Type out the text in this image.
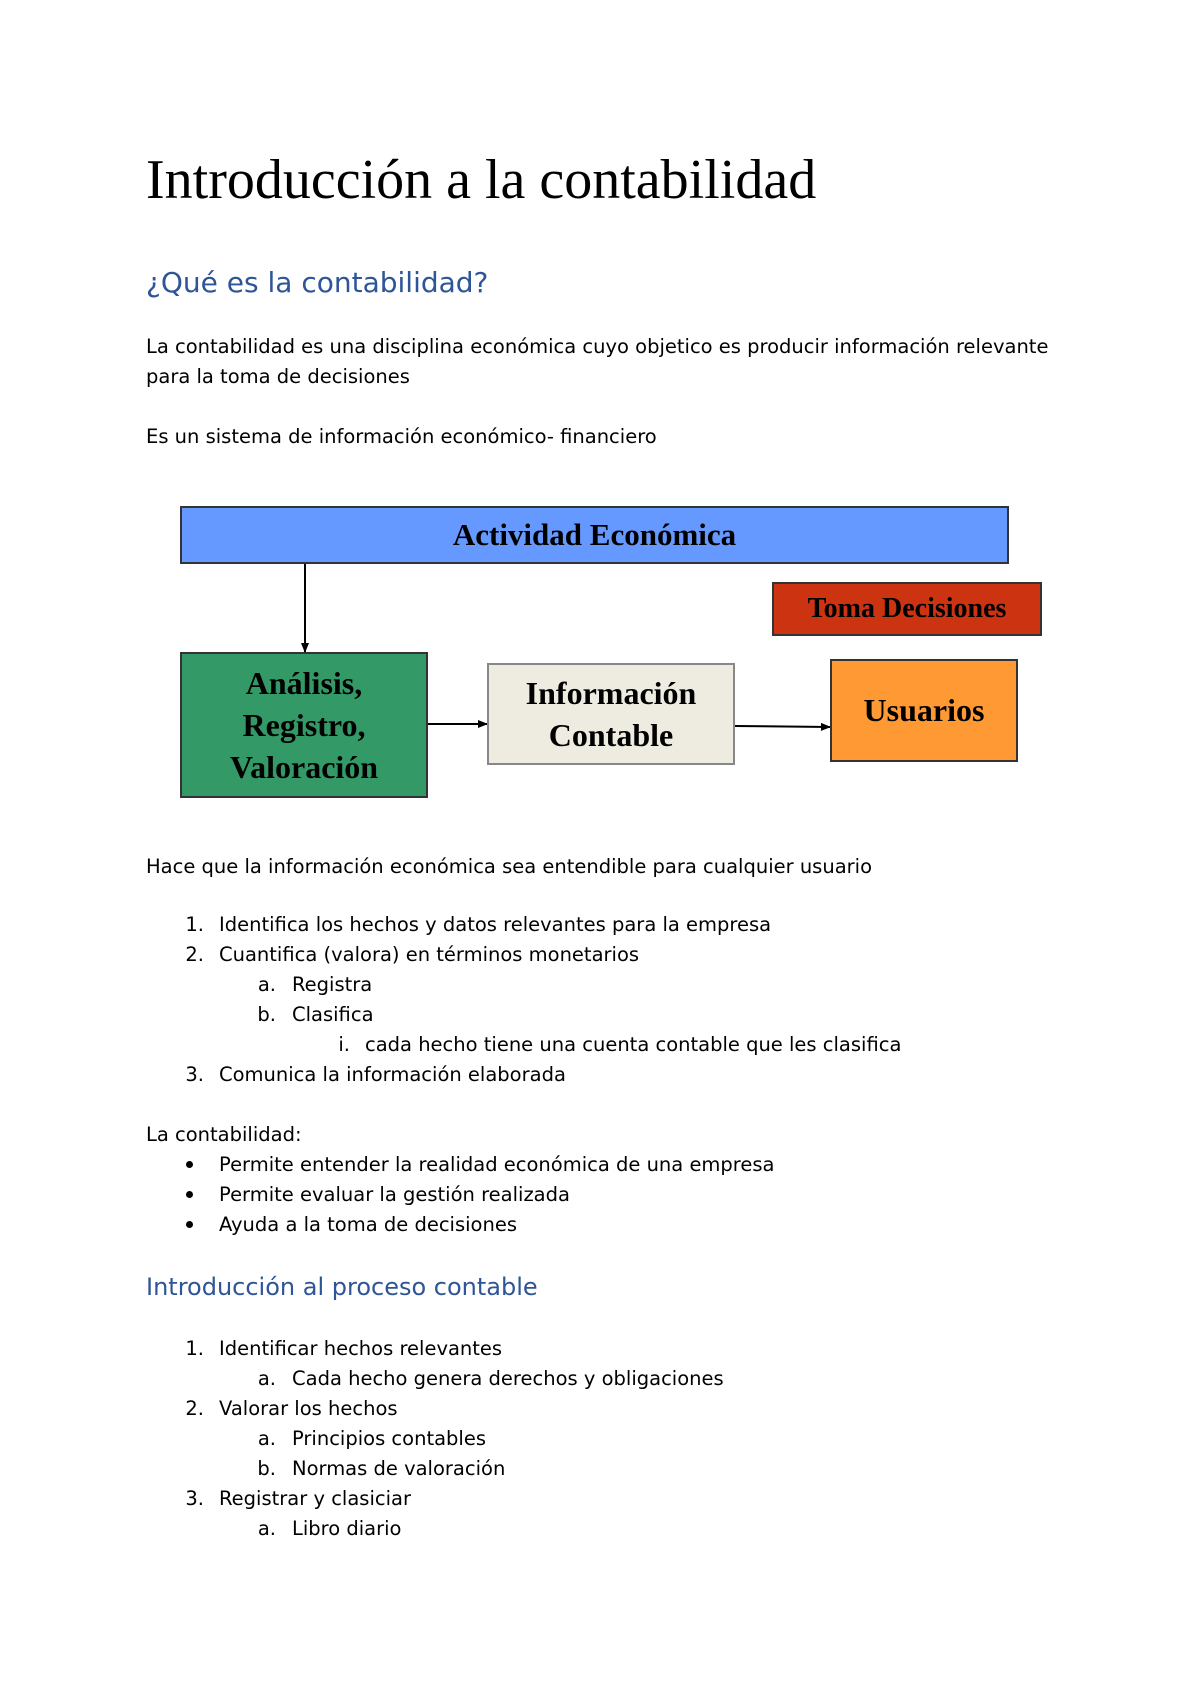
Introducción a la contabilidad
¿Qué es la contabilidad?
La contabilidad es una disciplina económica cuyo objetico es producir información relevante
para la toma de decisiones
Es un sistema de información económico- financiero
Actividad Económica
Toma Decisiones
Análisis,
Registro,
Valoración
Información
Contable
Usuarios
Hace que la información económica sea entendible para cualquier usuario
1. Identifica los hechos y datos relevantes para la empresa
2. Cuantifica (valora) en términos monetarios
a. Registra
b. Clasifica
i. cada hecho tiene una cuenta contable que les clasifica
3. Comunica la información elaborada
La contabilidad:
Permite entender la realidad económica de una empresa
Permite evaluar la gestión realizada
Ayuda a la toma de decisiones
Introducción al proceso contable
1. Identificar hechos relevantes
a. Cada hecho genera derechos y obligaciones
2. Valorar los hechos
a. Principios contables
b. Normas de valoración
3. Registrar y clasiciar
a. Libro diario
